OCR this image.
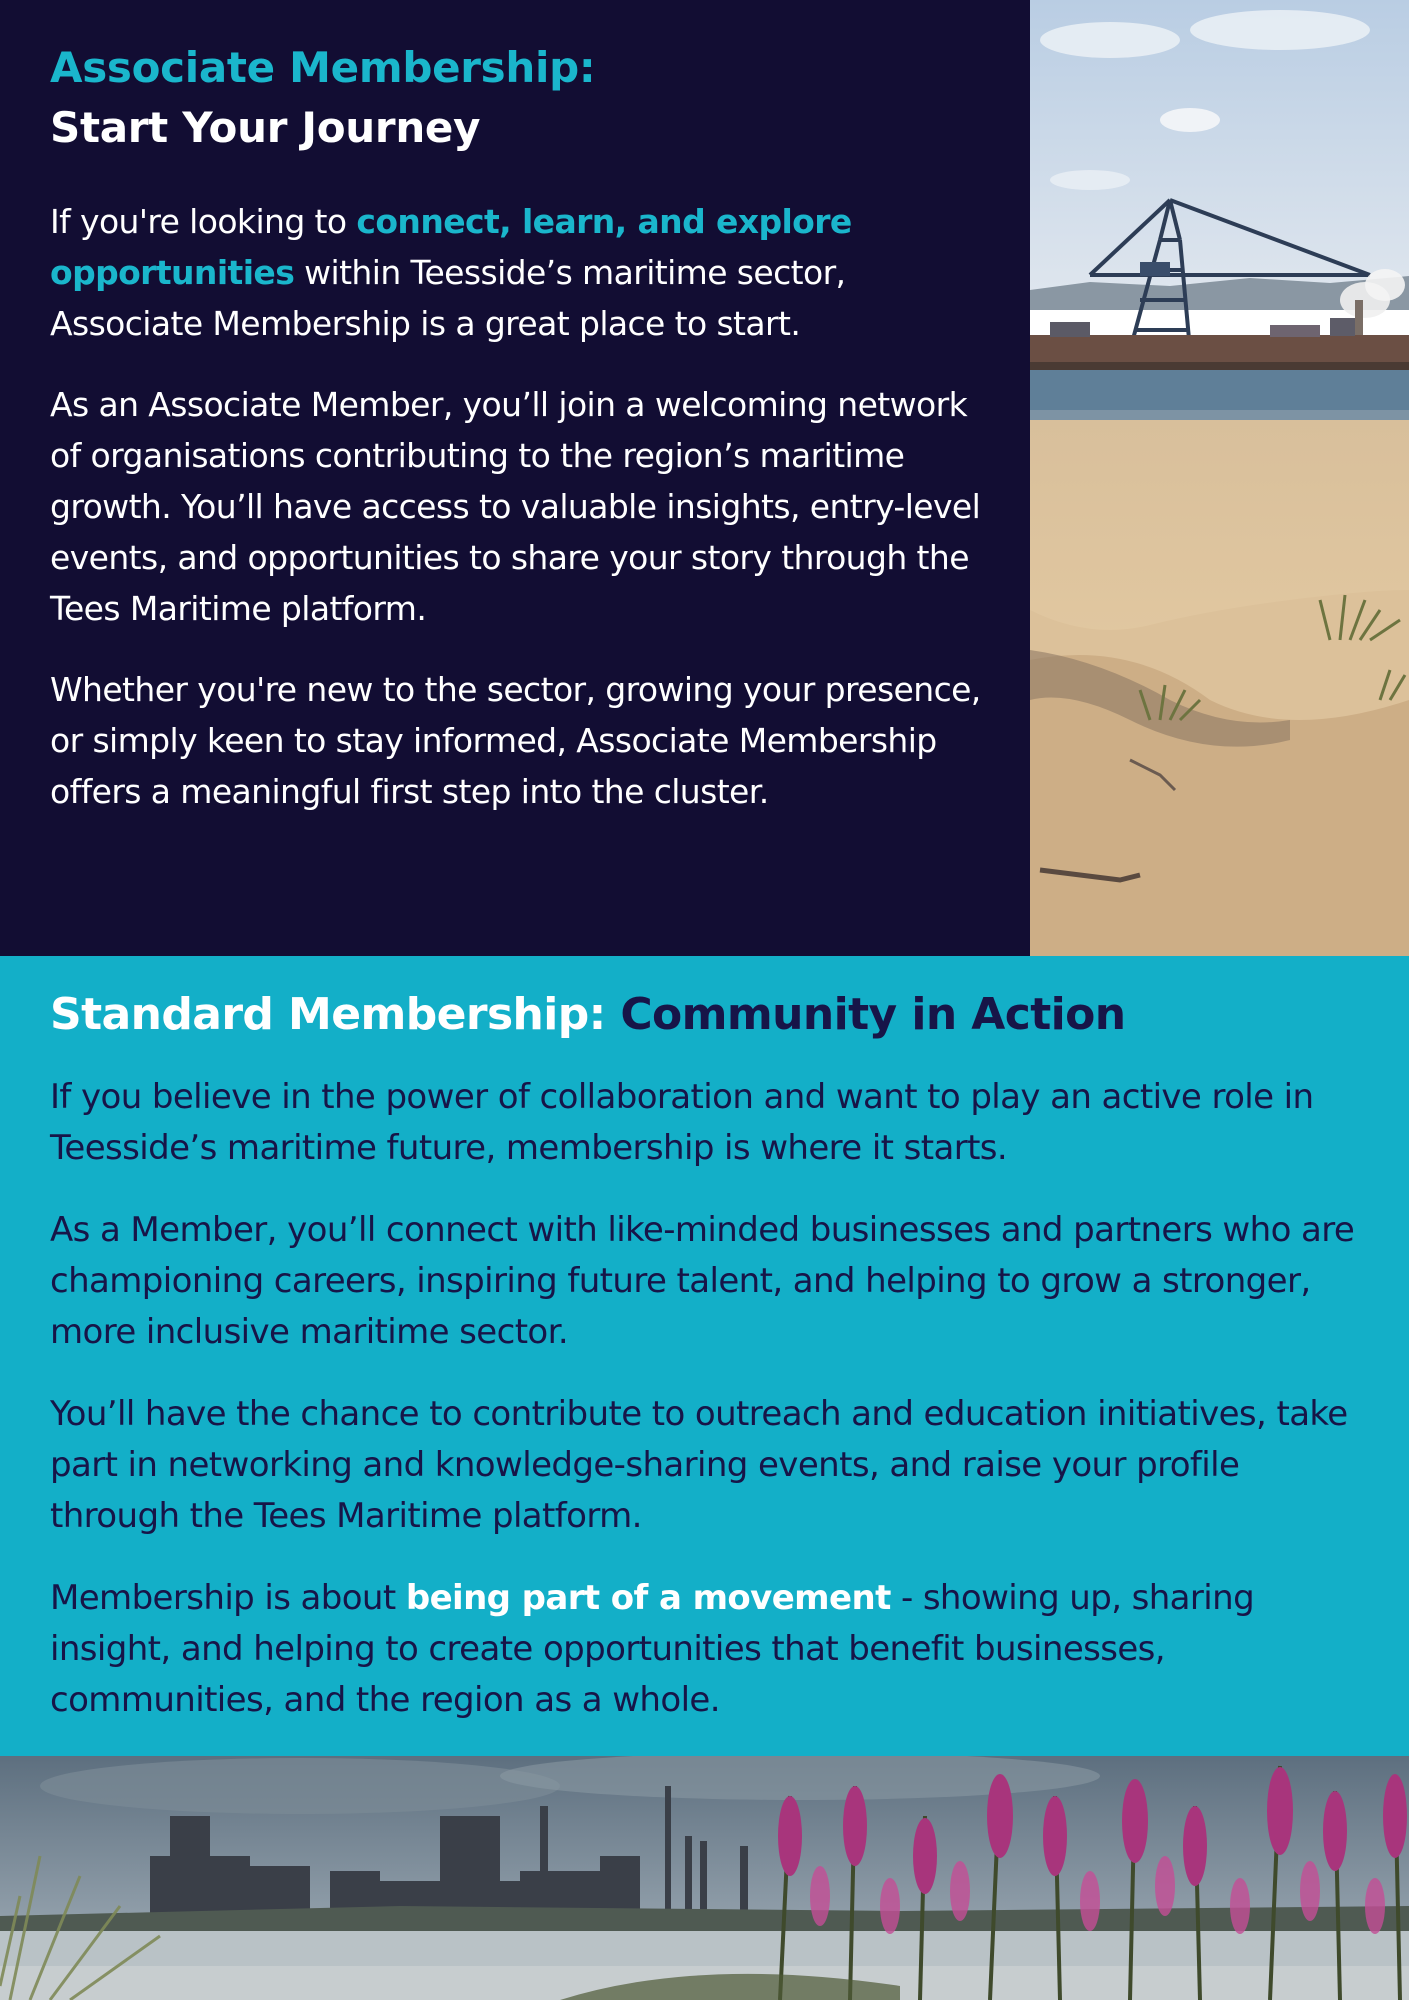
Associate Membership:
Start Your Journey

If you're looking to connect, learn, and explore opportunities within Teesside’s maritime sector, Associate Membership is a great place to start.

As an Associate Member, you’ll join a welcoming network of organisations contributing to the region’s maritime growth. You’ll have access to valuable insights, entry-level events, and opportunities to share your story through the Tees Maritime platform.

Whether you're new to the sector, growing your presence, or simply keen to stay informed, Associate Membership offers a meaningful first step into the cluster.

Standard Membership: Community in Action

If you believe in the power of collaboration and want to play an active role in Teesside’s maritime future, membership is where it starts.

As a Member, you’ll connect with like-minded businesses and partners who are championing careers, inspiring future talent, and helping to grow a stronger, more inclusive maritime sector.

You’ll have the chance to contribute to outreach and education initiatives, take part in networking and knowledge-sharing events, and raise your profile through the Tees Maritime platform.

Membership is about being part of a movement - showing up, sharing insight, and helping to create opportunities that benefit businesses, communities, and the region as a whole.
